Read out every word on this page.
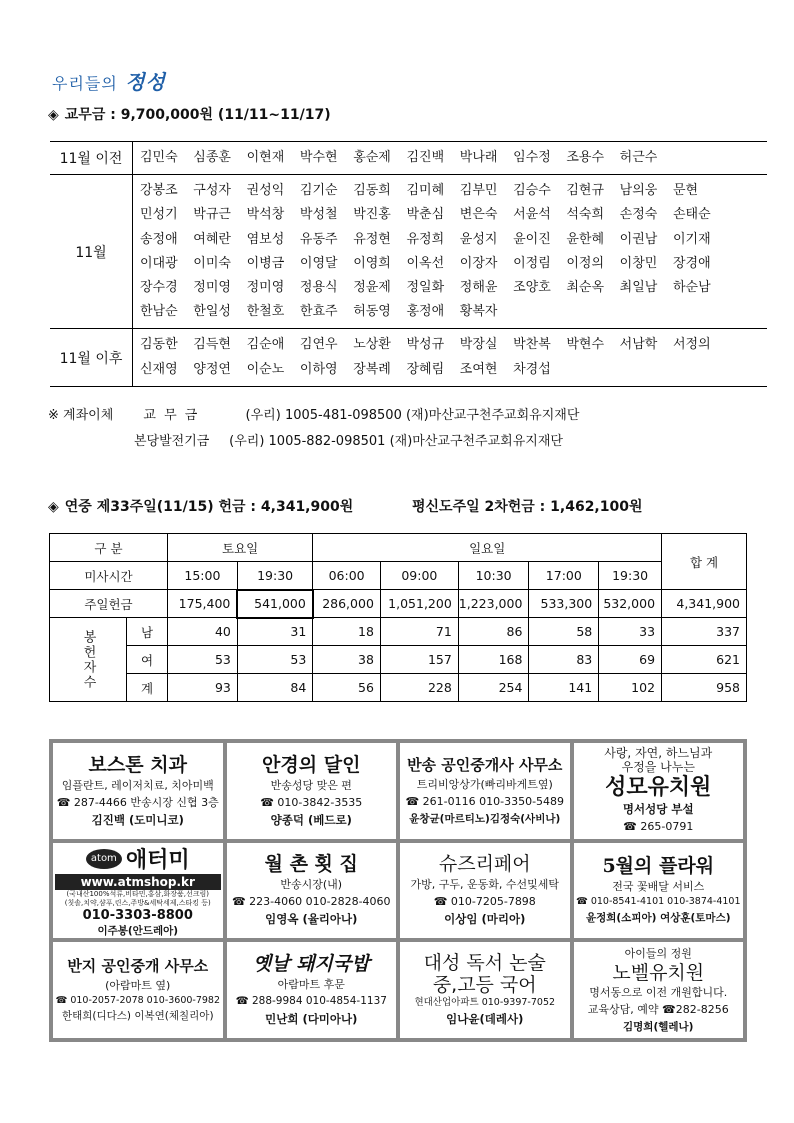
우리들의 정성
◈ 교무금 : 9,700,000원 (11/11~11/17)
11월 이전	김민숙	심종훈	이현재	박수현	홍순제	김진백	박나래	임수정	조용수	허근수
11월
강봉조	구성자	권성익	김기순	김동희	김미혜	김부민	김승수	김현규	남의웅	문현
민성기	박규근	박석창	박성철	박진홍	박춘심	변은숙	서윤석	석숙희	손정숙	손태순
송정애	여혜란	염보성	유동주	유정현	유정희	윤성지	윤이진	윤한혜	이권남	이기재
이대광	이미숙	이병금	이영달	이영희	이옥선	이장자	이정림	이정의	이창민	장경애
장수경	정미영	정미영	정용식	정윤제	정일화	정해윤	조양호	최순옥	최일남	하순남
한남순	한일성	한철호	한효주	허동영	홍정애	황복자
11월 이후
김동한	김득현	김순애	김연우	노상환	박성규	박장실	박찬복	박현수	서남학	서정의
신재영	양정연	이순노	이하영	장복례	장혜림	조여현	차경섭
※ 계좌이체 교 무 금	(우리) 1005-481-098500 (재)마산교구천주교회유지재단
본당발전기금 (우리) 1005-882-098501 (재)마산교구천주교회유지재단
◈ 연중 제33주일(11/15) 헌금 : 4,341,900원	평신도주일 2차헌금 : 1,462,100원
구 분		토요일		일요일					합 계
미사시간		15:00	19:30	06:00	09:00	10:30	17:00	19:30	
주일헌금		175,400	541,000	286,000	1,051,200	1,223,000	533,300	532,000	4,341,900
봉헌자수	남	40	31	18	71	86	58	33	337
	여	53	53	38	157	168	83	69	621
	계	93	84	56	228	254	141	102	958
보스톤 치과
임플란트, 레이저치료, 치아미백
☎ 287-4466 반송시장 신협 3층
김진백 (도미니코)
안경의 달인
반송성당 맞은 편
☎ 010-3842-3535
양종덕 (베드로)
반송 공인중개사 사무소
트리비앙상가(빠리바게트옆)
☎ 261-0116 010-3350-5489
윤창균(마르티노)김정숙(사비나)
사랑, 자연, 하느님과
우정을 나누는
성모유치원
명서성당 부설
☎ 265-0791
atom 애터미
www.atmshop.kr
(국내산100%석류,비타민,홍삼,화장품,선크림)
(칫솔,치약,샴푸,린스,주방&세탁세제,스타킹 등)
010-3303-8800
이주봉(안드레아)
월 촌 횟 집
반송시장(내)
☎ 223-4060 010-2828-4060
임영옥 (율리아나)
슈즈리페어
가방, 구두, 운동화, 수선및세탁
☎ 010-7205-7898
이상임 (마리아)
5월의 플라워
전국 꽃배달 서비스
☎ 010-8541-4101 010-3874-4101
윤정희(소피아) 여상훈(토마스)
반지 공인중개 사무소
(아람마트 옆)
☎ 010-2057-2078 010-3600-7982
한태희(디다스) 이복연(체칠리아)
옛날 돼지국밥
아람마트 후문
☎ 288-9984 010-4854-1137
민난희 (다미아나)
대성 독서 논술
중,고등 국어
현대산업아파트 010-9397-7052
임나윤(데레사)
아이들의 정원
노벨유치원
명서동으로 이전 개원합니다.
교육상담, 예약 ☎282-8256
김명희(헬레나)
